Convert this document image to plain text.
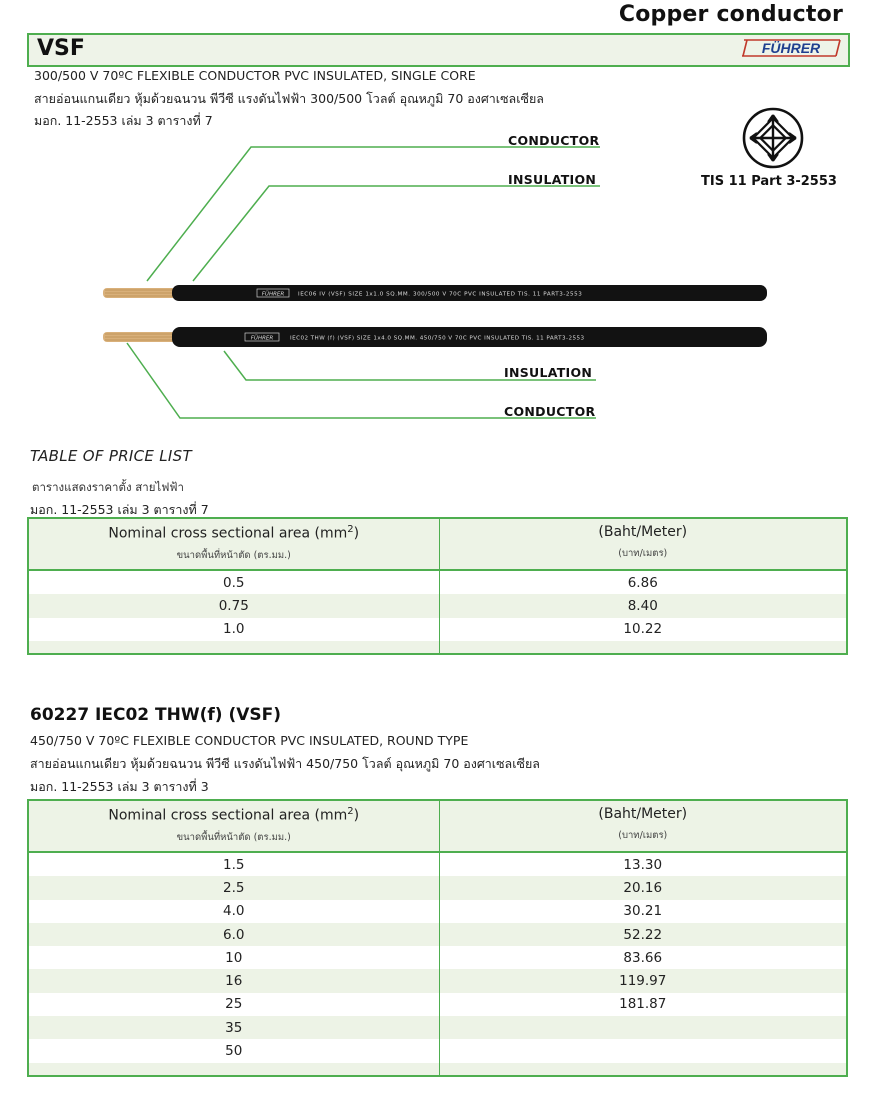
Copper conductor
VSF	FÜHRER
300/500 V 70ºC FLEXIBLE CONDUCTOR PVC INSULATED, SINGLE CORE
สายอ่อนแกนเดียว หุ้มด้วยฉนวน พีวีซี แรงดันไฟฟ้า 300/500 โวลต์ อุณหภูมิ 70 องศาเซลเซียล
มอก. 11-2553 เล่ม 3 ตารางที่ 7
TIS 11 Part 3-2553
FÜHRER IEC06 IV (VSF) SIZE 1x1.0 SQ.MM. 300/500 V 70C PVC INSULATED TIS. 11 PART3-2553
FÜHRER	IEC02 THW (f) (VSF) SIZE 1x4.0 SQ.MM. 450/750 V 70C PVC INSULATED TIS. 11 PART3-2553
CONDUCTOR
INSULATION
INSULATION
CONDUCTOR
TABLE OF PRICE LIST
ตารางแสดงราคาตั้ง สายไฟฟ้า
มอก. 11-2553 เล่ม 3 ตารางที่ 7
Nominal cross sectional area $(mm^2)$
ขนาดพื้นที่หน้าตัด (ตร.มม.)	(Baht/Meter)
(บาท/เมตร)

0.5	6.86
0.75	8.40
1.0	10.22

60227 IEC02 THW(f) (VSF)
450/750 V 70ºC FLEXIBLE CONDUCTOR PVC INSULATED, ROUND TYPE
สายอ่อนแกนเดียว หุ้มด้วยฉนวน พีวีซี แรงดันไฟฟ้า 450/750 โวลต์ อุณหภูมิ 70 องศาเซลเซียล
มอก. 11-2553 เล่ม 3 ตารางที่ 3
Nominal cross sectional area $(mm^2)$
ขนาดพื้นที่หน้าตัด (ตร.มม.)	(Baht/Meter)
(บาท/เมตร)

1.5	13.30
2.5	20.16
4.0	30.21
6.0	52.22
10	83.66
16	119.97
25	181.87
35	
50	
